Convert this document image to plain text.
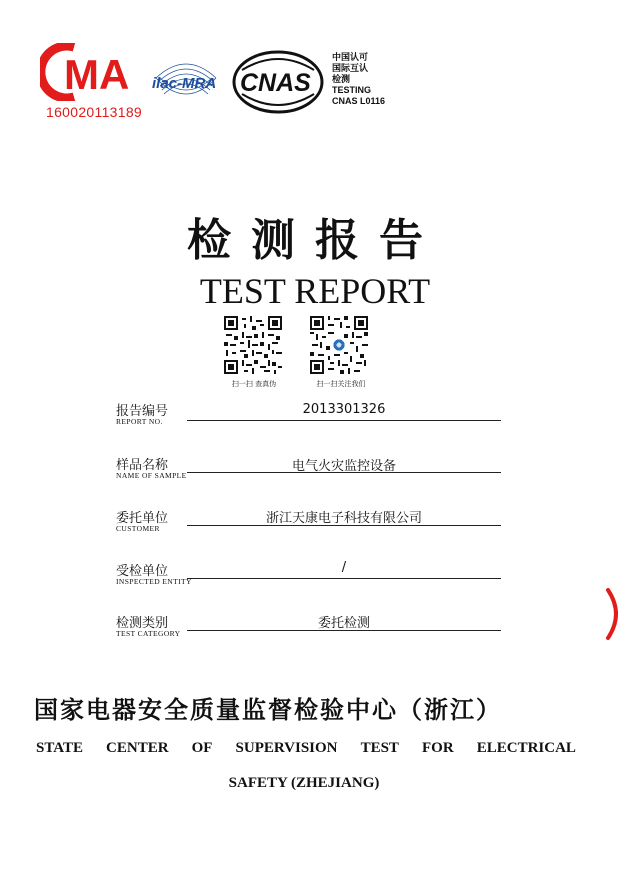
MA
160020113189
ilac-MRA CNAS
中国认可
国际互认
检测
TESTING
CNAS L0116
检测报告
TEST REPORT
扫一扫 查真伪	扫一扫关注我们
报告编号
REPORT NO.
2013301326
样品名称
NAME OF SAMPLE
电气火灾监控设备
委托单位
CUSTOMER
浙江天康电子科技有限公司
受检单位
INSPECTED ENTITY
/
检测类别
TEST CATEGORY
委托检测
国家电器安全质量监督检验中心（浙江）
STATE CENTER OF SUPERVISION TEST FOR ELECTRICAL
SAFETY (ZHEJIANG)
